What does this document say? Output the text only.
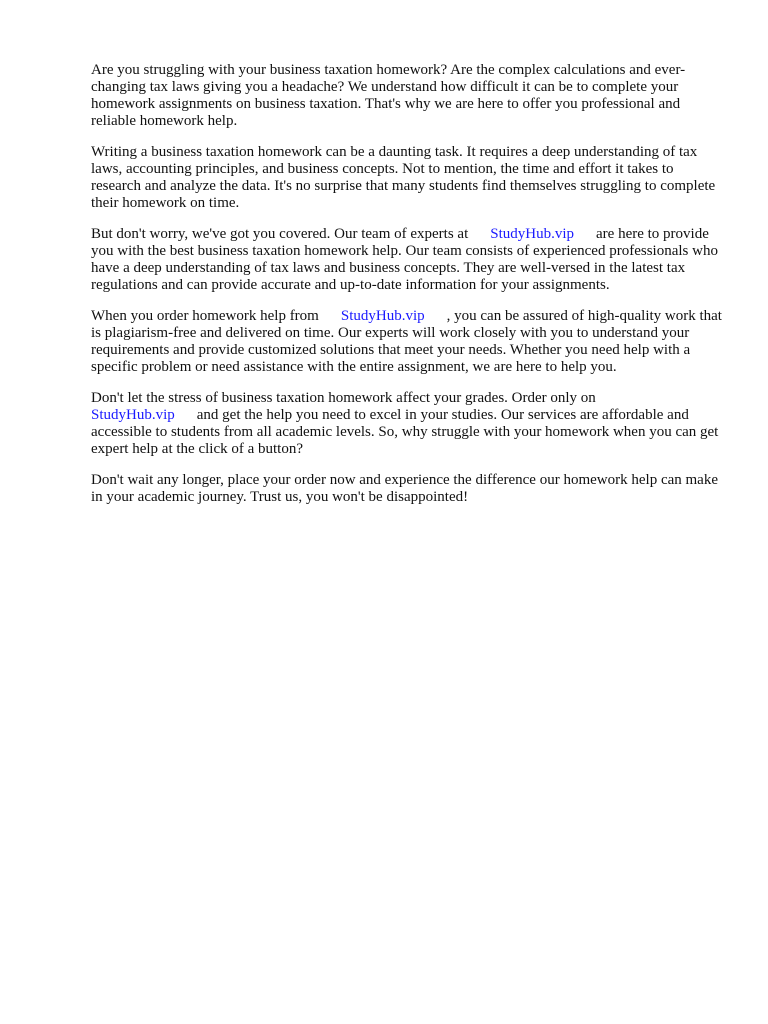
Are you struggling with your business taxation homework? Are the complex calculations and ever-changing tax laws giving you a headache? We understand how difficult it can be to complete your homework assignments on business taxation. That's why we are here to offer you professional and reliable homework help.

Writing a business taxation homework can be a daunting task. It requires a deep understanding of tax laws, accounting principles, and business concepts. Not to mention, the time and effort it takes to research and analyze the data. It's no surprise that many students find themselves struggling to complete their homework on time.

But don't worry, we've got you covered. Our team of experts at StudyHub.vip are here to provide you with the best business taxation homework help. Our team consists of experienced professionals who have a deep understanding of tax laws and business concepts. They are well-versed in the latest tax regulations and can provide accurate and up-to-date information for your assignments.

When you order homework help from StudyHub.vip , you can be assured of high-quality work that is plagiarism-free and delivered on time. Our experts will work closely with you to understand your requirements and provide customized solutions that meet your needs. Whether you need help with a specific problem or need assistance with the entire assignment, we are here to help you.

Don't let the stress of business taxation homework affect your grades. Order only on StudyHub.vip and get the help you need to excel in your studies. Our services are affordable and accessible to students from all academic levels. So, why struggle with your homework when you can get expert help at the click of a button?

Don't wait any longer, place your order now and experience the difference our homework help can make in your academic journey. Trust us, you won't be disappointed!
